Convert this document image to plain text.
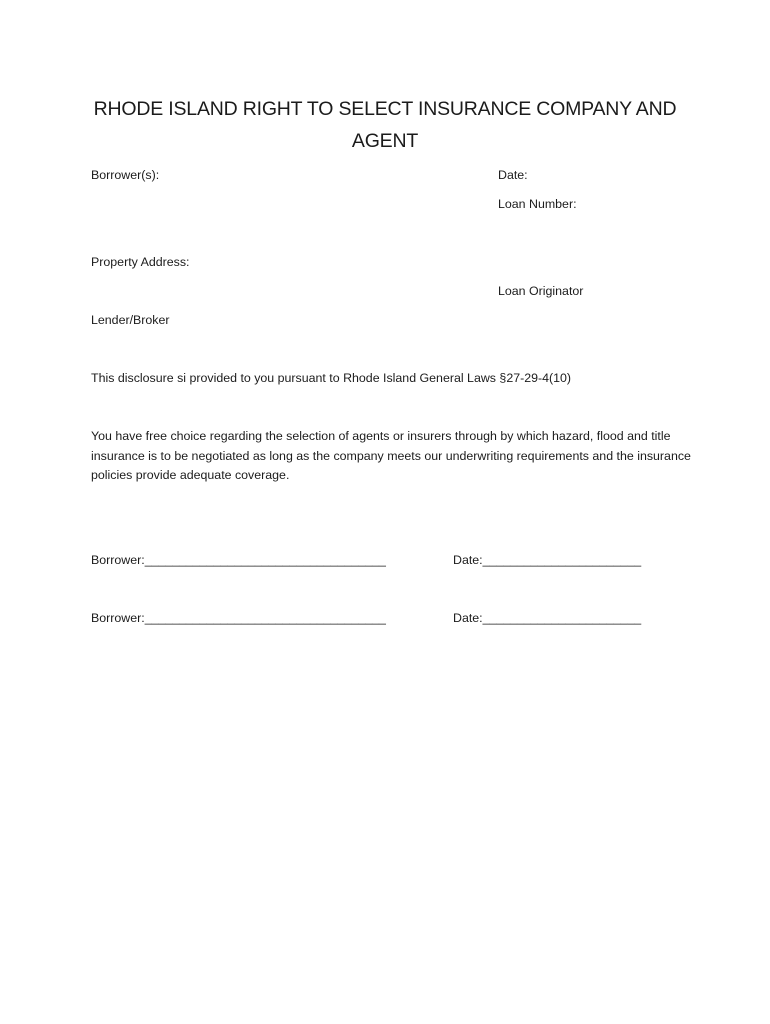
RHODE ISLAND RIGHT TO SELECT INSURANCE COMPANY AND AGENT
Borrower(s):	Date:
Loan Number:
Property Address:
Loan Originator
Lender/Broker
This disclosure si provided to you pursuant to Rhode Island General Laws §27-29-4(10)
You have free choice regarding the selection of agents or insurers through by which hazard, flood and title insurance is to be negotiated as long as the company meets our underwriting requirements and the insurance policies provide adequate coverage.
Borrower:___________________________________	Date:_______________________
Borrower:___________________________________	Date:_______________________
